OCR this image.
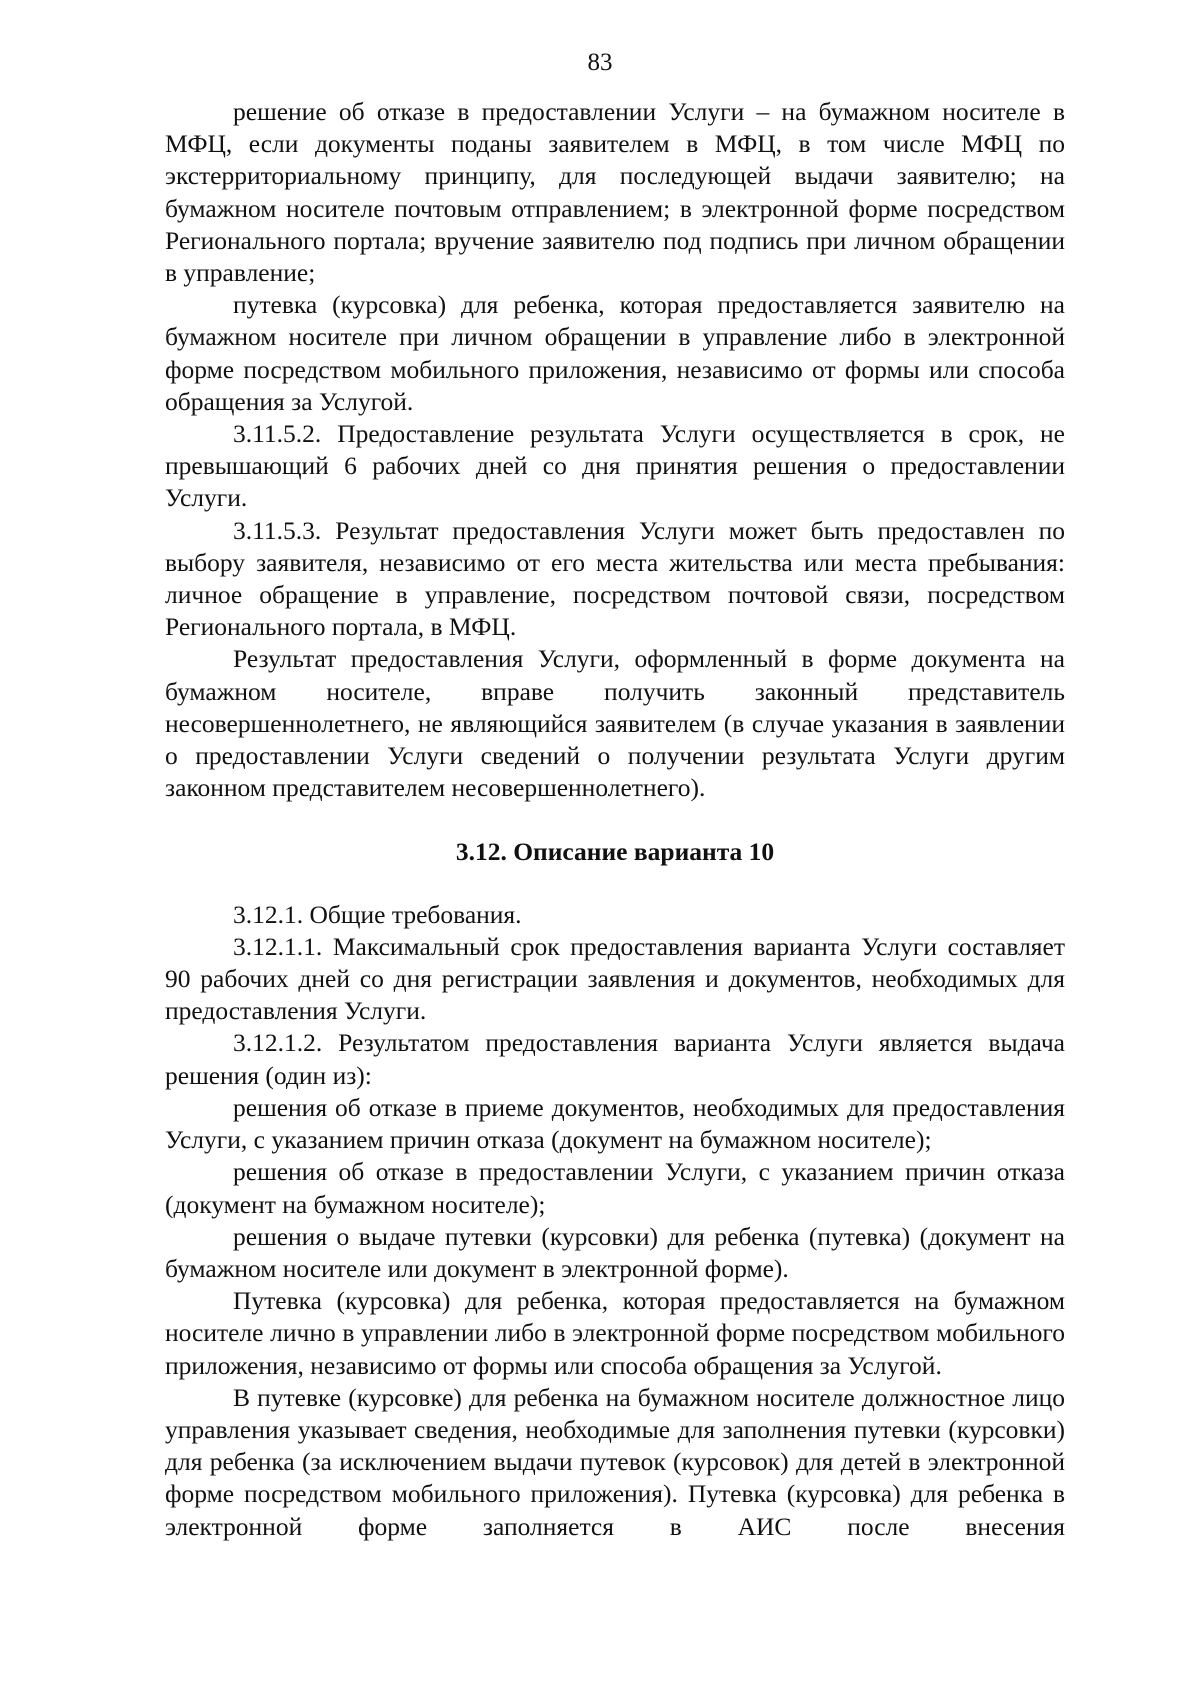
83

решение об отказе в предоставлении Услуги – на бумажном носителе в МФЦ, если документы поданы заявителем в МФЦ, в том числе МФЦ по экстерриториальному принципу, для последующей выдачи заявителю; на бумажном носителе почтовым отправлением; в электронной форме посредством Регионального портала; вручение заявителю под подпись при личном обращении в управление;

путевка (курсовка) для ребенка, которая предоставляется заявителю на бумажном носителе при личном обращении в управление либо в электронной форме посредством мобильного приложения, независимо от формы или способа обращения за Услугой.

3.11.5.2. Предоставление результата Услуги осуществляется в срок, не превышающий 6 рабочих дней со дня принятия решения о предоставлении Услуги.

3.11.5.3. Результат предоставления Услуги может быть предоставлен по выбору заявителя, независимо от его места жительства или места пребывания: личное обращение в управление, посредством почтовой связи, посредством Регионального портала, в МФЦ.

Результат предоставления Услуги, оформленный в форме документа на бумажном носителе, вправе получить законный представитель несовершеннолетнего, не являющийся заявителем (в случае указания в заявлении о предоставлении Услуги сведений о получении результата Услуги другим законном представителем несовершеннолетнего).

3.12. Описание варианта 10

3.12.1. Общие требования.

3.12.1.1. Максимальный срок предоставления варианта Услуги составляет 90 рабочих дней со дня регистрации заявления и документов, необходимых для предоставления Услуги.

3.12.1.2. Результатом предоставления варианта Услуги является выдача решения (один из):

решения об отказе в приеме документов, необходимых для предоставления Услуги, с указанием причин отказа (документ на бумажном носителе);

решения об отказе в предоставлении Услуги, с указанием причин отказа (документ на бумажном носителе);

решения о выдаче путевки (курсовки) для ребенка (путевка) (документ на бумажном носителе или документ в электронной форме).

Путевка (курсовка) для ребенка, которая предоставляется на бумажном носителе лично в управлении либо в электронной форме посредством мобильного приложения, независимо от формы или способа обращения за Услугой.

В путевке (курсовке) для ребенка на бумажном носителе должностное лицо управления указывает сведения, необходимые для заполнения путевки (курсовки) для ребенка (за исключением выдачи путевок (курсовок) для детей в электронной форме посредством мобильного приложения). Путевка (курсовка) для ребенка в электронной форме заполняется в АИС после внесения
